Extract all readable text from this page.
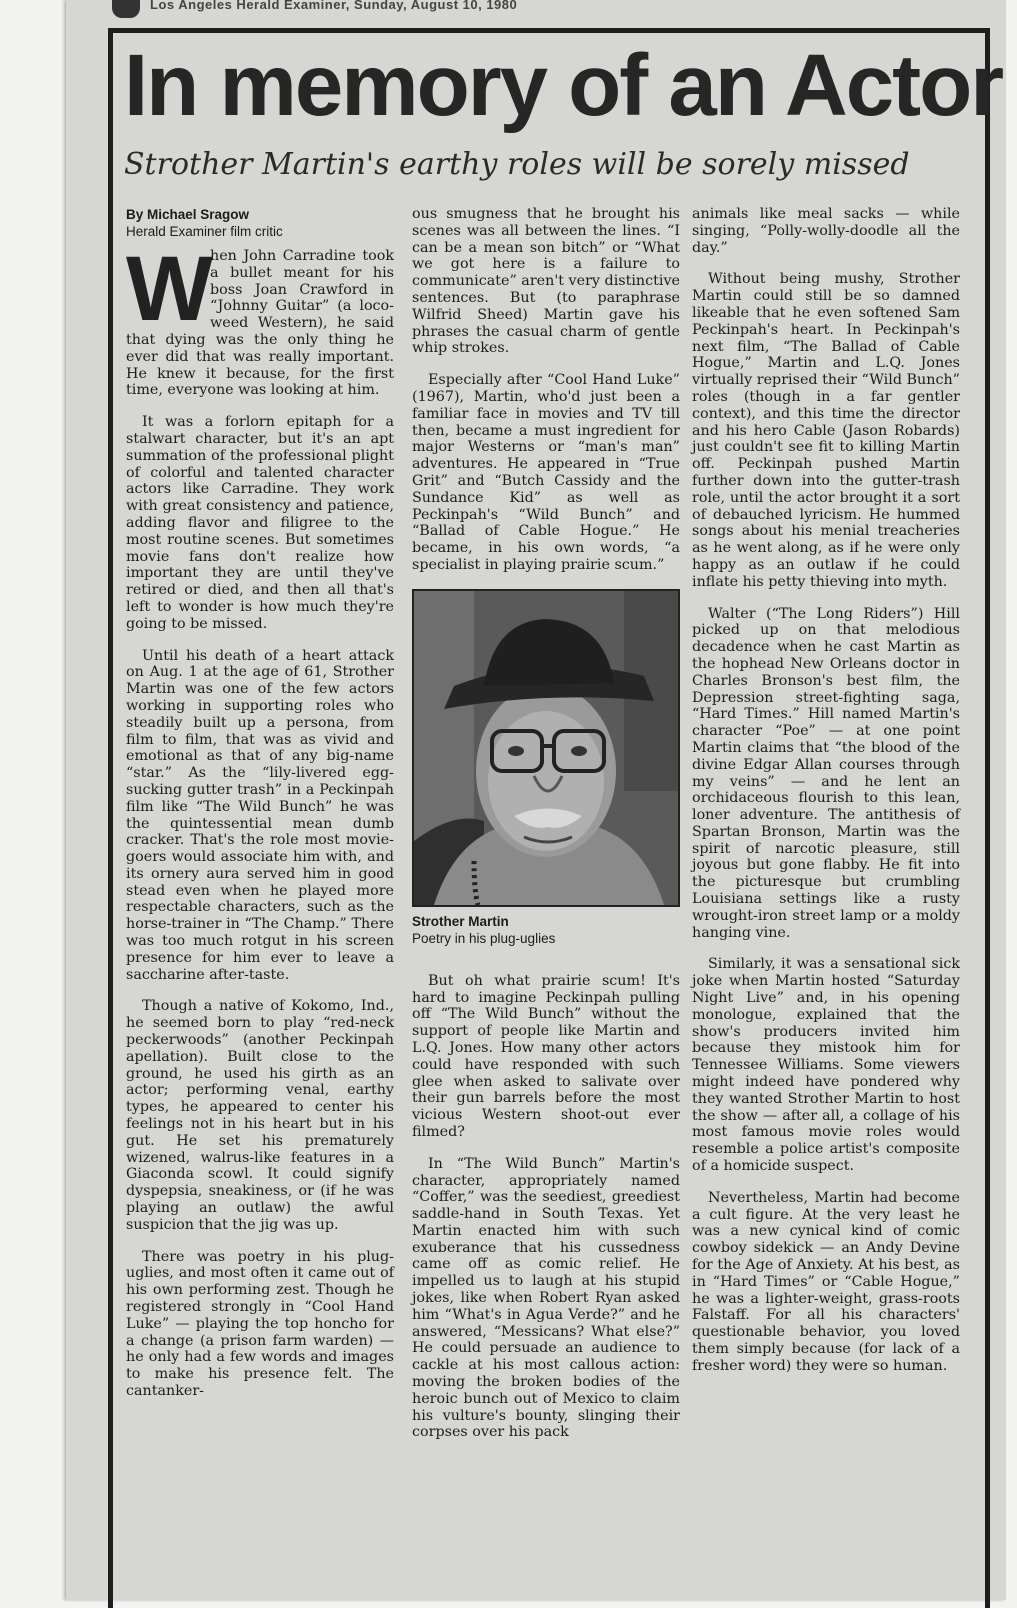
Los Angeles Herald Examiner, Sunday, August 10, 1980
In memory of an Actor
Strother Martin's earthy roles will be sorely missed
By Michael Sragow
Herald Examiner film critic

W
hen John Carradine took a bullet meant for his boss Joan Crawford in “Johnny Guitar” (a loco-weed Western), he said that dying was the only thing he ever did that was really important. He knew it because, for the first time, everyone was looking at him.

It was a forlorn epitaph for a stalwart character, but it's an apt summation of the professional plight of colorful and talented character actors like Carradine. They work with great consistency and patience, adding flavor and filigree to the most routine scenes. But sometimes movie fans don't realize how important they are until they've retired or died, and then all that's left to wonder is how much they're going to be missed.

Until his death of a heart attack on Aug. 1 at the age of 61, Strother Martin was one of the few actors working in supporting roles who steadily built up a persona, from film to film, that was as vivid and emotional as that of any big-name “star.” As the “lily-livered egg-sucking gutter trash” in a Peckinpah film like “The Wild Bunch” he was the quintessential mean dumb cracker. That's the role most movie-goers would associate him with, and its ornery aura served him in good stead even when he played more respectable characters, such as the horse-trainer in “The Champ.” There was too much rotgut in his screen presence for him ever to leave a saccharine after-taste.

Though a native of Kokomo, Ind., he seemed born to play “red-neck peckerwoods” (another Peckinpah apellation). Built close to the ground, he used his girth as an actor; performing venal, earthy types, he appeared to center his feelings not in his heart but in his gut. He set his prematurely wizened, walrus-like features in a Giaconda scowl. It could signify dyspepsia, sneakiness, or (if he was playing an outlaw) the awful suspicion that the jig was up.

There was poetry in his plug-uglies, and most often it came out of his own performing zest. Though he registered strongly in “Cool Hand Luke” — playing the top honcho for a change (a prison farm warden) — he only had a few words and images to make his presence felt. The cantanker-

ous smugness that he brought his scenes was all between the lines. “I can be a mean son bitch” or “What we got here is a failure to communicate” aren't very distinctive sentences. But (to paraphrase Wilfrid Sheed) Martin gave his phrases the casual charm of gentle whip strokes.

Especially after “Cool Hand Luke” (1967), Martin, who'd just been a familiar face in movies and TV till then, became a must ingredient for major Westerns or “man's man” adventures. He appeared in “True Grit” and “Butch Cassidy and the Sundance Kid” as well as Peckinpah's “Wild Bunch” and “Ballad of Cable Hogue.” He became, in his own words, “a specialist in playing prairie scum.”

Strother Martin
Poetry in his plug-uglies

But oh what prairie scum! It's hard to imagine Peckinpah pulling off “The Wild Bunch” without the support of people like Martin and L.Q. Jones. How many other actors could have responded with such glee when asked to salivate over their gun barrels before the most vicious Western shoot-out ever filmed?

In “The Wild Bunch” Martin's character, appropriately named “Coffer,” was the seediest, greediest saddle-hand in South Texas. Yet Martin enacted him with such exuberance that his cussedness came off as comic relief. He impelled us to laugh at his stupid jokes, like when Robert Ryan asked him “What's in Agua Verde?” and he answered, “Messicans? What else?” He could persuade an audience to cackle at his most callous action: moving the broken bodies of the heroic bunch out of Mexico to claim his vulture's bounty, slinging their corpses over his pack

animals like meal sacks — while singing, “Polly-wolly-doodle all the day.”

Without being mushy, Strother Martin could still be so damned likeable that he even softened Sam Peckinpah's heart. In Peckinpah's next film, “The Ballad of Cable Hogue,” Martin and L.Q. Jones virtually reprised their “Wild Bunch” roles (though in a far gentler context), and this time the director and his hero Cable (Jason Robards) just couldn't see fit to killing Martin off. Peckinpah pushed Martin further down into the gutter-trash role, until the actor brought it a sort of debauched lyricism. He hummed songs about his menial treacheries as he went along, as if he were only happy as an outlaw if he could inflate his petty thieving into myth.

Walter (“The Long Riders”) Hill picked up on that melodious decadence when he cast Martin as the hophead New Orleans doctor in Charles Bronson's best film, the Depression street-fighting saga, “Hard Times.” Hill named Martin's character “Poe” — at one point Martin claims that “the blood of the divine Edgar Allan courses through my veins” — and he lent an orchidaceous flourish to this lean, loner adventure. The antithesis of Spartan Bronson, Martin was the spirit of narcotic pleasure, still joyous but gone flabby. He fit into the picturesque but crumbling Louisiana settings like a rusty wrought-iron street lamp or a moldy hanging vine.

Similarly, it was a sensational sick joke when Martin hosted “Saturday Night Live” and, in his opening monologue, explained that the show's producers invited him because they mistook him for Tennessee Williams. Some viewers might indeed have pondered why they wanted Strother Martin to host the show — after all, a collage of his most famous movie roles would resemble a police artist's composite of a homicide suspect.

Nevertheless, Martin had become a cult figure. At the very least he was a new cynical kind of comic cowboy sidekick — an Andy Devine for the Age of Anxiety. At his best, as in “Hard Times” or “Cable Hogue,” he was a lighter-weight, grass-roots Falstaff. For all his characters' questionable behavior, you loved them simply because (for lack of a fresher word) they were so human.
